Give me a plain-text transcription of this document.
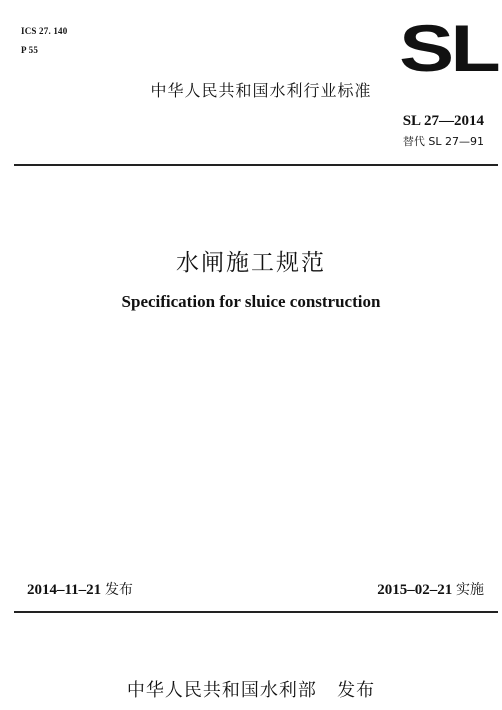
ICS 27. 140
P 55	SL
中华人民共和国水利行业标准
SL 27—2014
替代 SL 27—91
水闸施工规范
Specification for sluice construction
2014–11–21 发布	2015–02–21 实施
中华人民共和国水利部   发布
